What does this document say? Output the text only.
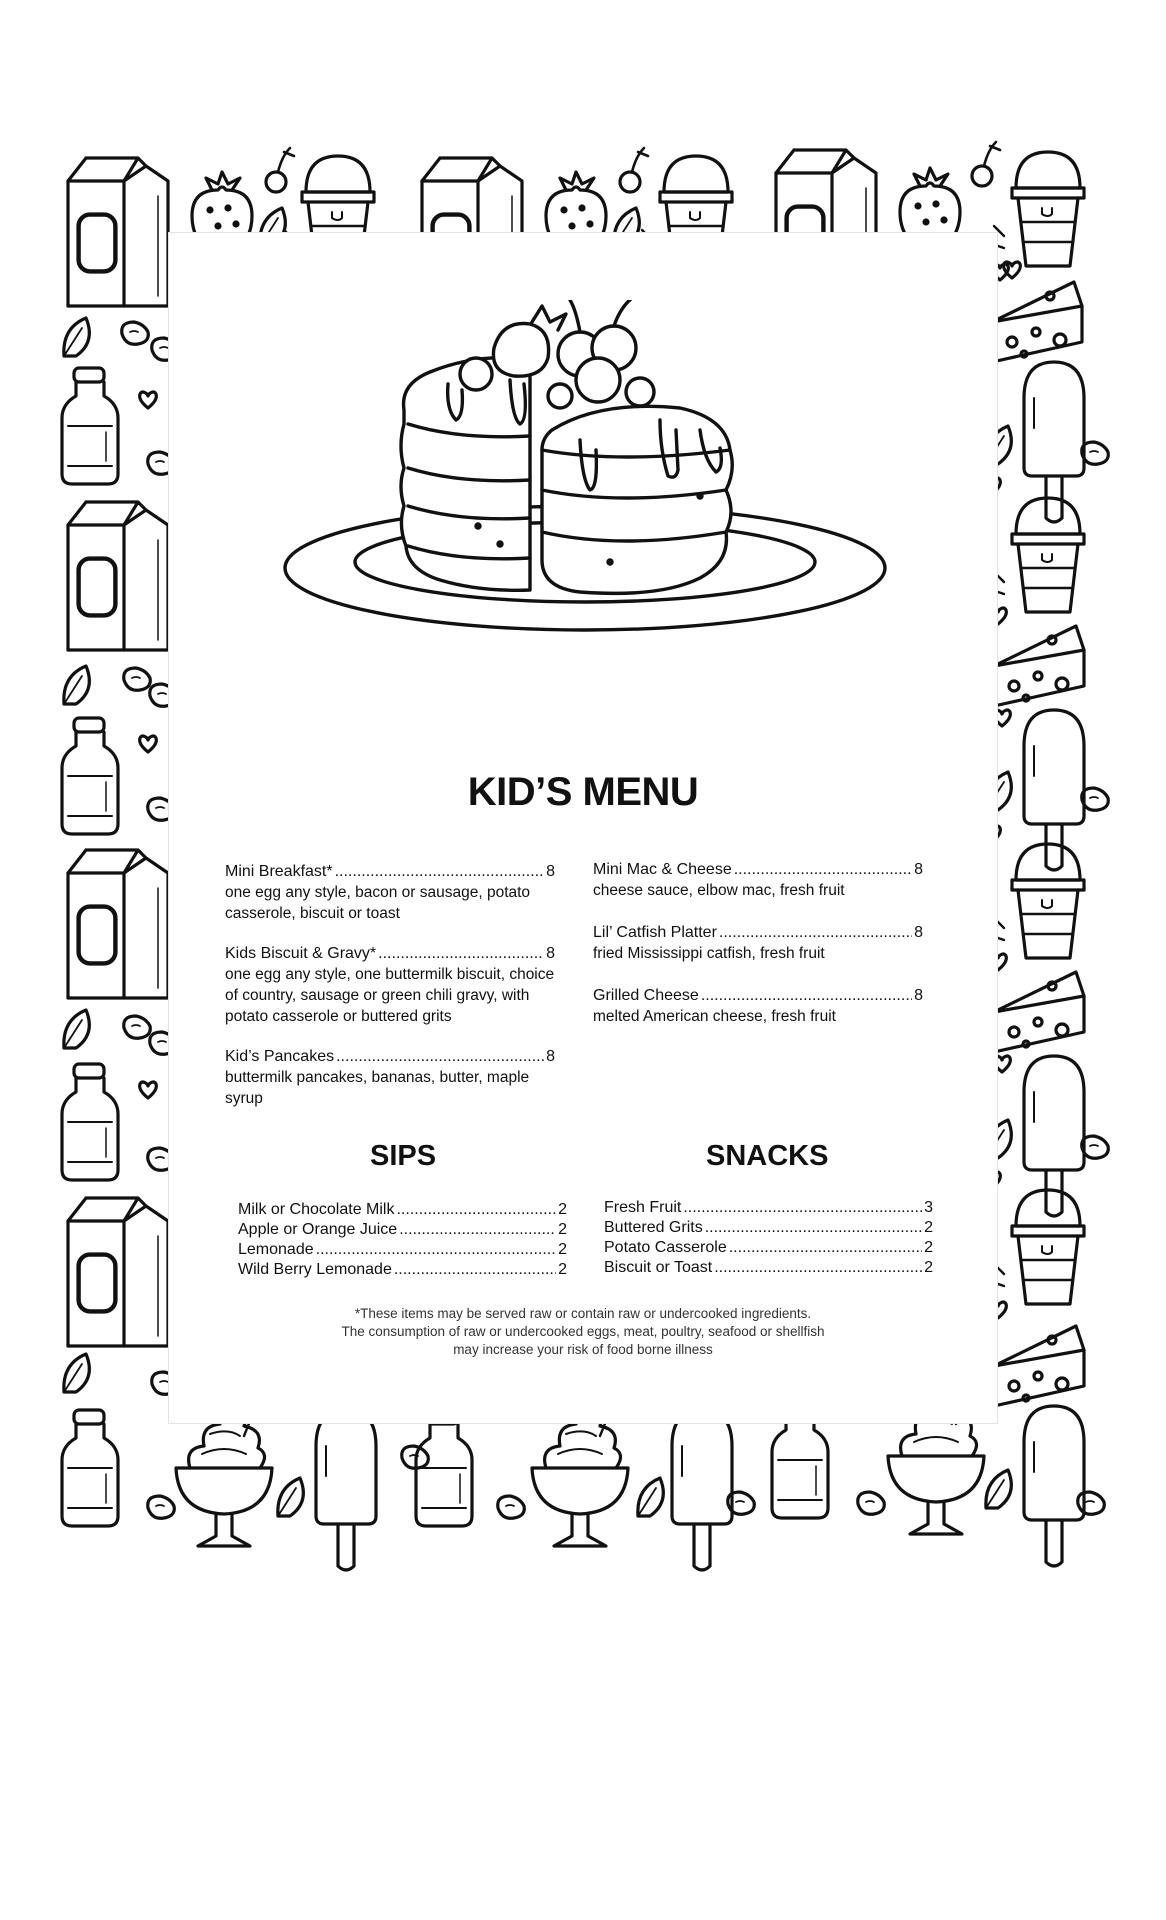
KID’S MENU
Mini Breakfast* .....	8
one egg any style, bacon or sausage, potato casserole, biscuit or toast
Kids Biscuit & Gravy* .....	8
one egg any style, one buttermilk biscuit, choice of country, sausage or green chili gravy, with potato casserole or buttered grits
Kid’s Pancakes .....	8
buttermilk pancakes, bananas, butter, maple syrup
Mini Mac & Cheese .....	8
cheese sauce, elbow mac, fresh fruit
Lil’ Catfish Platter .....	8
fried Mississippi catfish, fresh fruit
Grilled Cheese .....	8
melted American cheese, fresh fruit
SIPS	SNACKS
Milk or Chocolate Milk .....	2
Apple or Orange Juice .....	2
Lemonade .....	2
Wild Berry Lemonade .....	2
Fresh Fruit .....	3
Buttered Grits .....	2
Potato Casserole .....	2
Biscuit or Toast .....	2
*These items may be served raw or contain raw or undercooked ingredients.
The consumption of raw or undercooked eggs, meat, poultry, seafood or shellfish
may increase your risk of food borne illness
